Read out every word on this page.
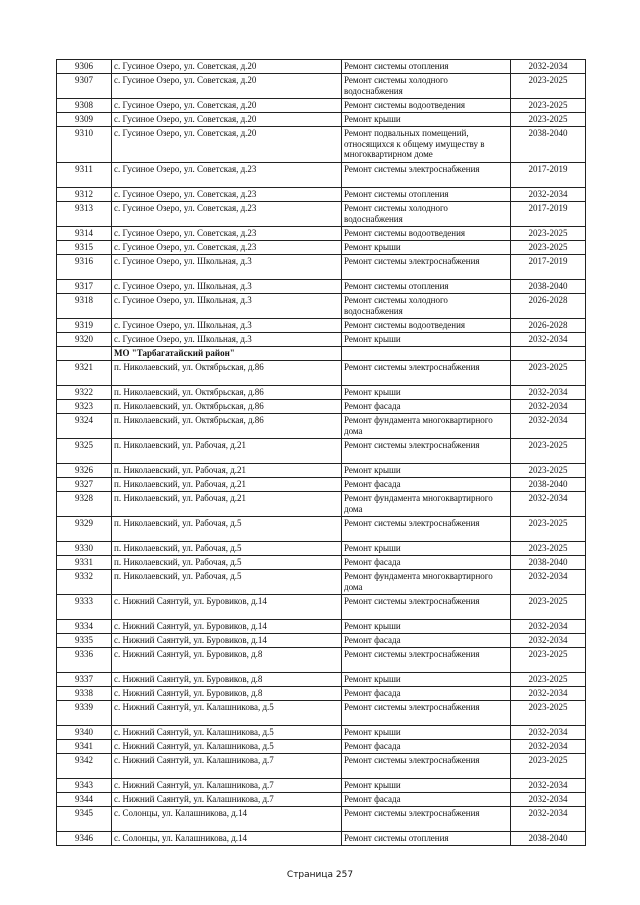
9306	с. Гусиное Озеро, ул. Советская, д.20	Ремонт системы отопления	2032-2034
9307	с. Гусиное Озеро, ул. Советская, д.20	Ремонт системы холодного водоснабжения	2023-2025
9308	с. Гусиное Озеро, ул. Советская, д.20	Ремонт системы водоотведения	2023-2025
9309	с. Гусиное Озеро, ул. Советская, д.20	Ремонт крыши	2023-2025
9310	с. Гусиное Озеро, ул. Советская, д.20	Ремонт подвальных помещений, относящихся к общему имуществу в многоквартирном доме	2038-2040
9311	с. Гусиное Озеро, ул. Советская, д.23	Ремонт системы электроснабжения	2017-2019
9312	с. Гусиное Озеро, ул. Советская, д.23	Ремонт системы отопления	2032-2034
9313	с. Гусиное Озеро, ул. Советская, д.23	Ремонт системы холодного водоснабжения	2017-2019
9314	с. Гусиное Озеро, ул. Советская, д.23	Ремонт системы водоотведения	2023-2025
9315	с. Гусиное Озеро, ул. Советская, д.23	Ремонт крыши	2023-2025
9316	с. Гусиное Озеро, ул. Школьная, д.3	Ремонт системы электроснабжения	2017-2019
9317	с. Гусиное Озеро, ул. Школьная, д.3	Ремонт системы отопления	2038-2040
9318	с. Гусиное Озеро, ул. Школьная, д.3	Ремонт системы холодного водоснабжения	2026-2028
9319	с. Гусиное Озеро, ул. Школьная, д.3	Ремонт системы водоотведения	2026-2028
9320	с. Гусиное Озеро, ул. Школьная, д.3	Ремонт крыши	2032-2034
	МО "Тарбагатайский район"		
9321	п. Николаевский, ул. Октябрьская, д.86	Ремонт системы электроснабжения	2023-2025
9322	п. Николаевский, ул. Октябрьская, д.86	Ремонт крыши	2032-2034
9323	п. Николаевский, ул. Октябрьская, д.86	Ремонт фасада	2032-2034
9324	п. Николаевский, ул. Октябрьская, д.86	Ремонт фундамента многоквартирного дома	2032-2034
9325	п. Николаевский, ул. Рабочая, д.21	Ремонт системы электроснабжения	2023-2025
9326	п. Николаевский, ул. Рабочая, д.21	Ремонт крыши	2023-2025
9327	п. Николаевский, ул. Рабочая, д.21	Ремонт фасада	2038-2040
9328	п. Николаевский, ул. Рабочая, д.21	Ремонт фундамента многоквартирного дома	2032-2034
9329	п. Николаевский, ул. Рабочая, д.5	Ремонт системы электроснабжения	2023-2025
9330	п. Николаевский, ул. Рабочая, д.5	Ремонт крыши	2023-2025
9331	п. Николаевский, ул. Рабочая, д.5	Ремонт фасада	2038-2040
9332	п. Николаевский, ул. Рабочая, д.5	Ремонт фундамента многоквартирного дома	2032-2034
9333	с. Нижний Саянтуй, ул. Буровиков, д.14	Ремонт системы электроснабжения	2023-2025
9334	с. Нижний Саянтуй, ул. Буровиков, д.14	Ремонт крыши	2032-2034
9335	с. Нижний Саянтуй, ул. Буровиков, д.14	Ремонт фасада	2032-2034
9336	с. Нижний Саянтуй, ул. Буровиков, д.8	Ремонт системы электроснабжения	2023-2025
9337	с. Нижний Саянтуй, ул. Буровиков, д.8	Ремонт крыши	2023-2025
9338	с. Нижний Саянтуй, ул. Буровиков, д.8	Ремонт фасада	2032-2034
9339	с. Нижний Саянтуй, ул. Калашникова, д.5	Ремонт системы электроснабжения	2023-2025
9340	с. Нижний Саянтуй, ул. Калашникова, д.5	Ремонт крыши	2032-2034
9341	с. Нижний Саянтуй, ул. Калашникова, д.5	Ремонт фасада	2032-2034
9342	с. Нижний Саянтуй, ул. Калашникова, д.7	Ремонт системы электроснабжения	2023-2025
9343	с. Нижний Саянтуй, ул. Калашникова, д.7	Ремонт крыши	2032-2034
9344	с. Нижний Саянтуй, ул. Калашникова, д.7	Ремонт фасада	2032-2034
9345	с. Солонцы, ул. Калашникова, д.14	Ремонт системы электроснабжения	2032-2034
9346	с. Солонцы, ул. Калашникова, д.14	Ремонт системы отопления	2038-2040
Страница 257
